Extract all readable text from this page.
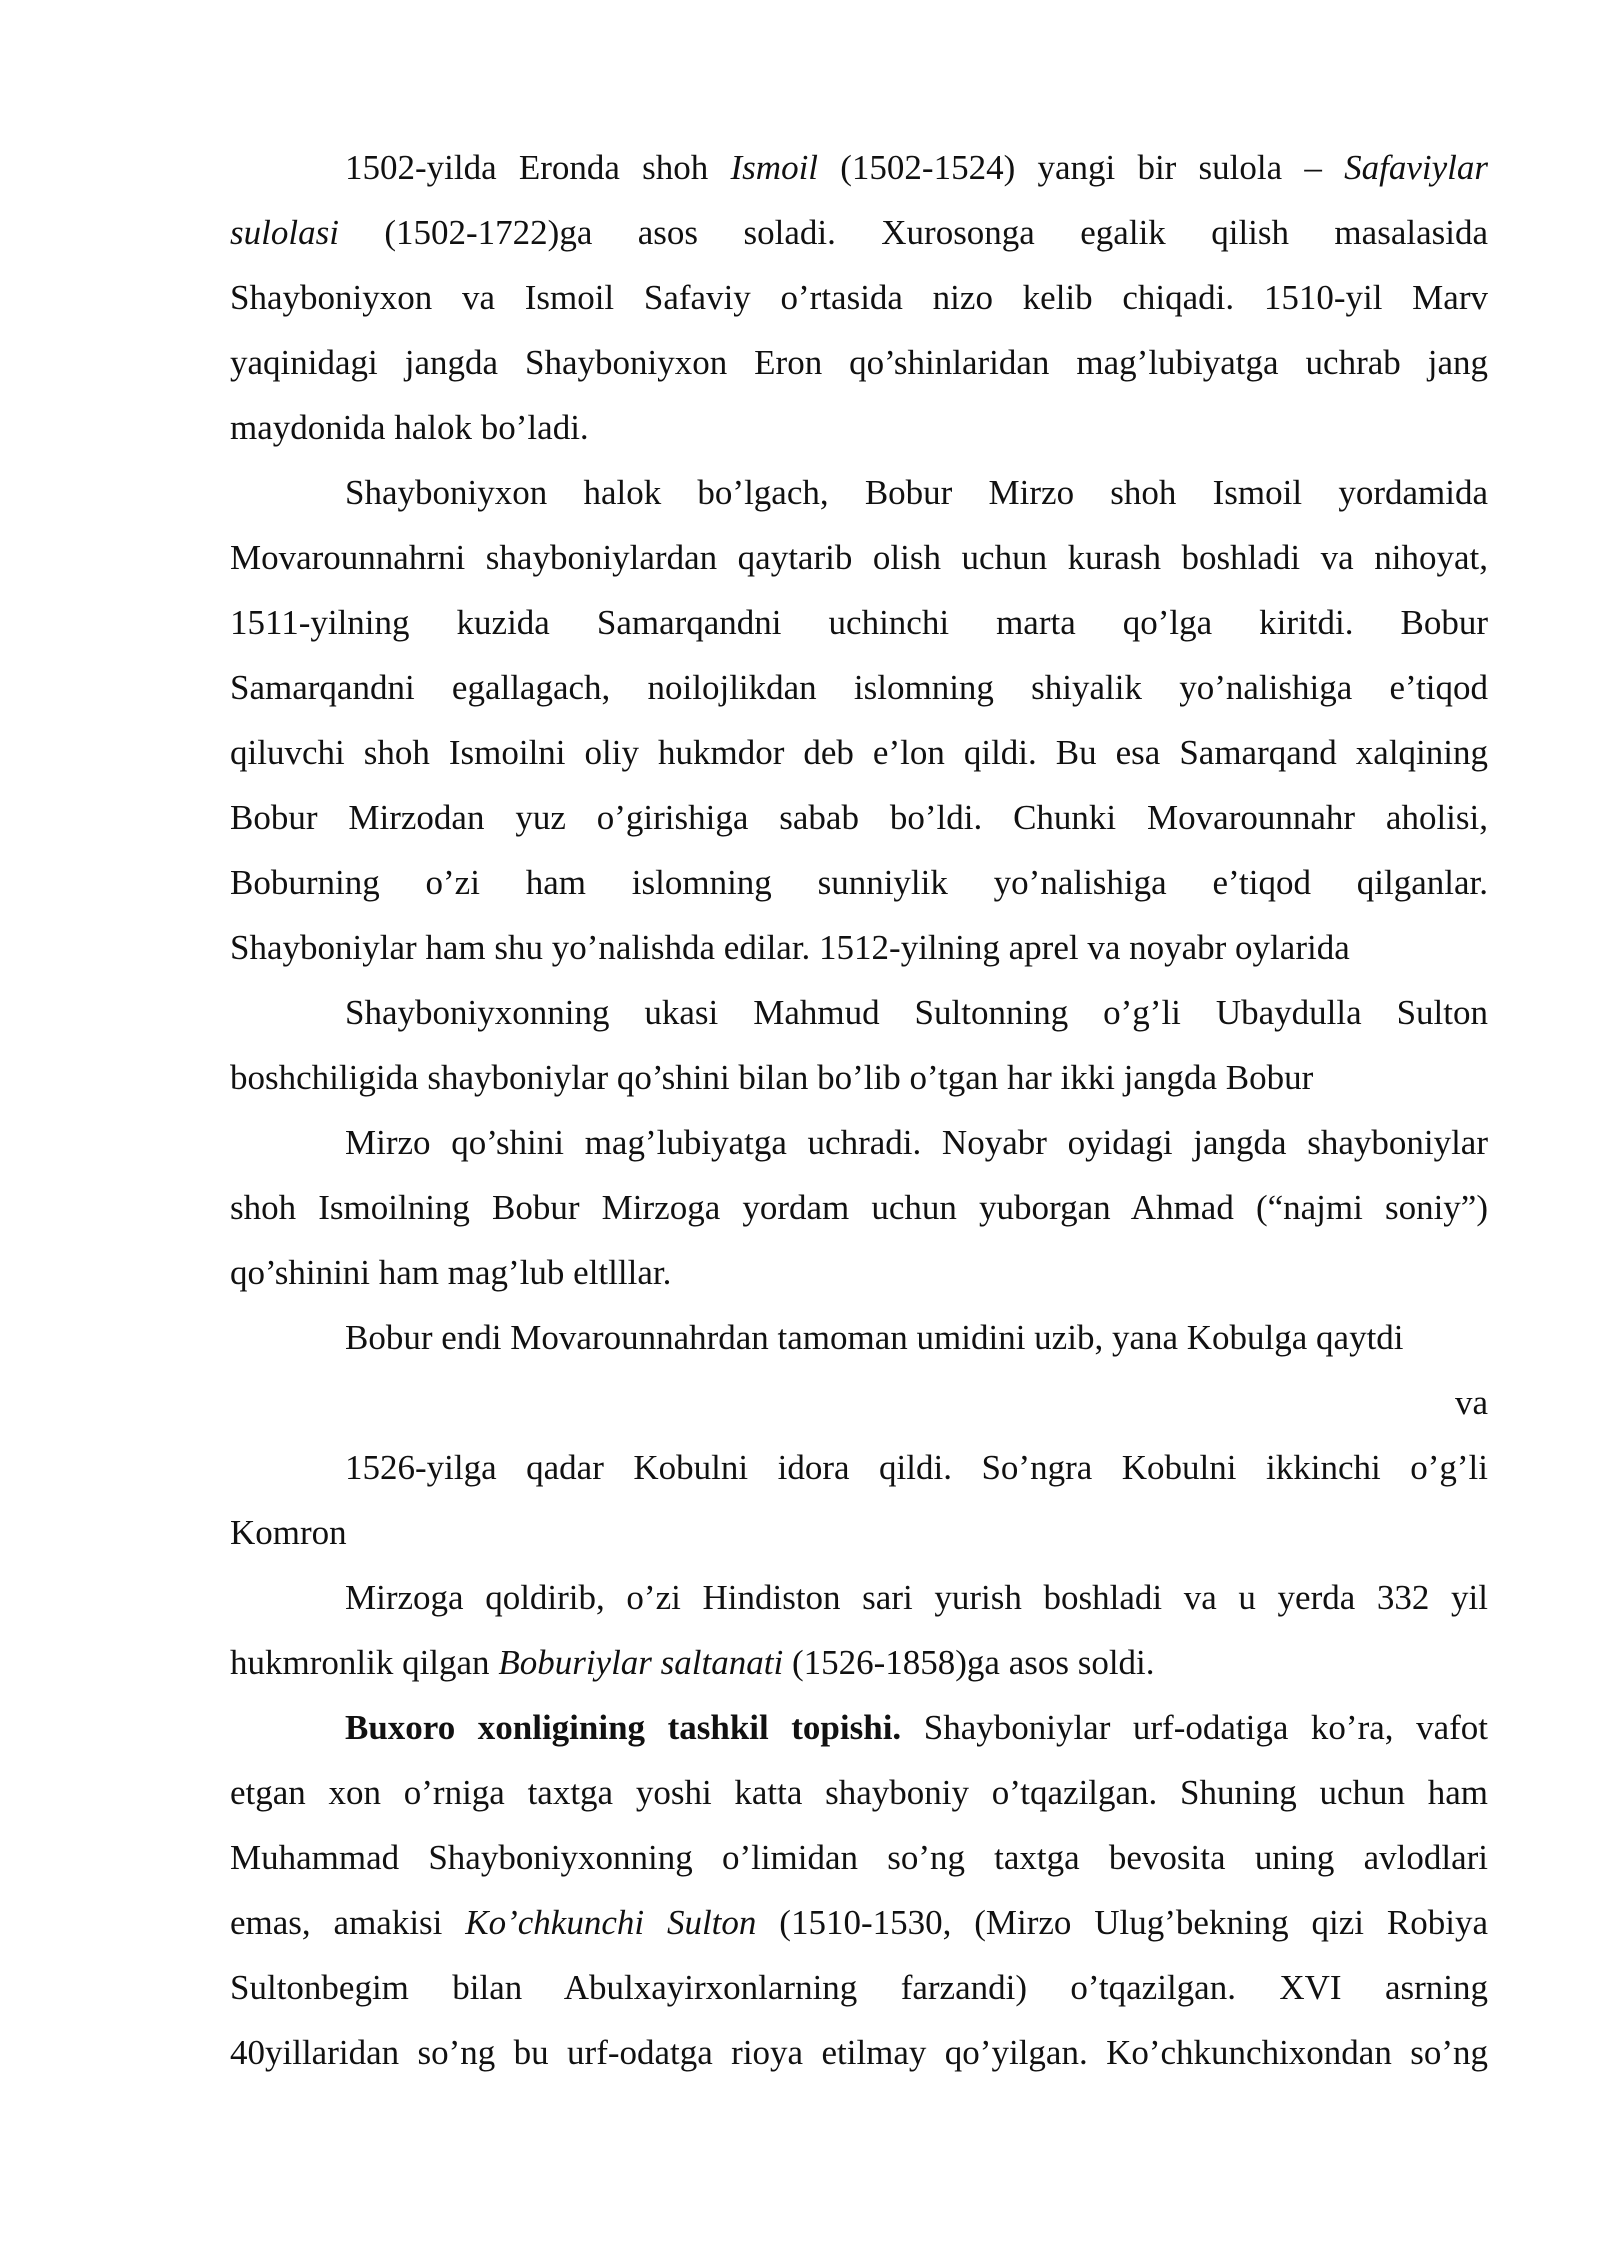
1502-yilda Eronda shoh Ismoil (1502-1524) yangi bir sulola – Safaviylar
sulolasi (1502-1722)ga asos soladi. Xurosonga egalik qilish masalasida
Shayboniyxon va Ismoil Safaviy o’rtasida nizo kelib chiqadi. 1510-yil Marv
yaqinidagi jangda Shayboniyxon Eron qo’shinlaridan mag’lubiyatga uchrab jang
maydonida halok bo’ladi.
Shayboniyxon halok bo’lgach, Bobur Mirzo shoh Ismoil yordamida
Movarounnahrni shayboniylardan qaytarib olish uchun kurash boshladi va nihoyat,
1511-yilning kuzida Samarqandni uchinchi marta qo’lga kiritdi. Bobur
Samarqandni egallagach, noilojlikdan islomning shiyalik yo’nalishiga e’tiqod
qiluvchi shoh Ismoilni oliy hukmdor deb e’lon qildi. Bu esa Samarqand xalqining
Bobur Mirzodan yuz o’girishiga sabab bo’ldi. Chunki Movarounnahr aholisi,
Boburning o’zi ham islomning sunniylik yo’nalishiga e’tiqod qilganlar.
Shayboniylar ham shu yo’nalishda edilar. 1512-yilning aprel va noyabr oylarida
Shayboniyxonning ukasi Mahmud Sultonning o’g’li Ubaydulla Sulton
boshchiligida shayboniylar qo’shini bilan bo’lib o’tgan har ikki jangda Bobur
Mirzo qo’shini mag’lubiyatga uchradi. Noyabr oyidagi jangda shayboniylar
shoh Ismoilning Bobur Mirzoga yordam uchun yuborgan Ahmad (“najmi soniy”)
qo’shinini ham mag’lub eltlllar.
Bobur endi Movarounnahrdan tamoman umidini uzib, yana Kobulga qaytdi
va
1526-yilga qadar Kobulni idora qildi. So’ngra Kobulni ikkinchi o’g’li
Komron
Mirzoga qoldirib, o’zi Hindiston sari yurish boshladi va u yerda 332 yil
hukmronlik qilgan Boburiylar saltanati (1526-1858)ga asos soldi.
Buxoro xonligining tashkil topishi. Shayboniylar urf-odatiga ko’ra, vafot
etgan xon o’rniga taxtga yoshi katta shayboniy o’tqazilgan. Shuning uchun ham
Muhammad Shayboniyxonning o’limidan so’ng taxtga bevosita uning avlodlari
emas, amakisi Ko’chkunchi Sulton (1510-1530, (Mirzo Ulug’bekning qizi Robiya
Sultonbegim bilan Abulxayirxonlarning farzandi) o’tqazilgan. XVI asrning
40yillaridan so’ng bu urf-odatga rioya etilmay qo’yilgan. Ko’chkunchixondan so’ng
